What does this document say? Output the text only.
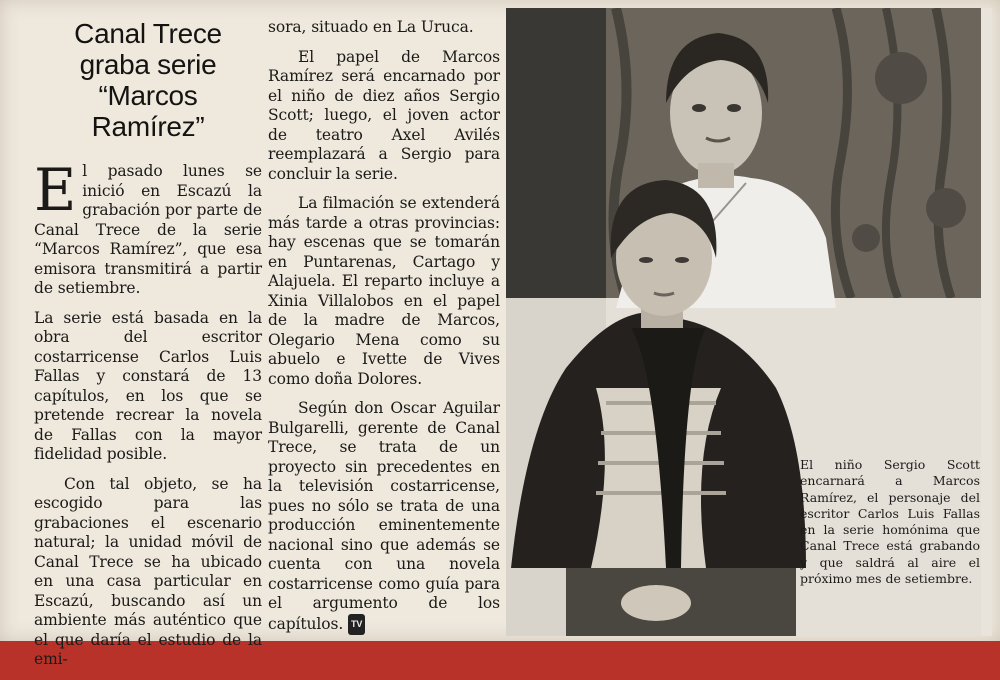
Canal Trece
graba serie
“Marcos
Ramírez”

El pasado lunes se inició en Escazú la grabación por parte de Canal Trece de la serie “Marcos Ramírez”, que esa emisora transmitirá a partir de setiembre.

La serie está basada en la obra del escritor costarricense Carlos Luis Fallas y constará de 13 capítulos, en los que se pretende recrear la novela de Fallas con la mayor fidelidad posible.

Con tal objeto, se ha escogido para las grabaciones el escenario natural; la unidad móvil de Canal Trece se ha ubicado en una casa particular en Escazú, buscando así un ambiente más auténtico que el que daría el estudio de la emi-

sora, situado en La Uruca.

El papel de Marcos Ramírez será encarnado por el niño de diez años Sergio Scott; luego, el joven actor de teatro Axel Avilés reemplazará a Sergio para concluir la serie.

La filmación se extenderá más tarde a otras provincias: hay escenas que se tomarán en Puntarenas, Cartago y Alajuela. El reparto incluye a Xinia Villalobos en el papel de la madre de Marcos, Olegario Mena como su abuelo e Ivette de Vives como doña Dolores.

Según don Oscar Aguilar Bulgarelli, gerente de Canal Trece, se trata de un proyecto sin precedentes en la televisión costarricense, pues no sólo se trata de una producción eminentemente nacional sino que además se cuenta con una novela costarricense como guía para el argumento de los capítulos. TV

El niño Sergio Scott encarnará a Marcos Ramírez, el personaje del escritor Carlos Luis Fallas en la serie homónima que Canal Trece está grabando y que saldrá al aire el próximo mes de setiembre.
